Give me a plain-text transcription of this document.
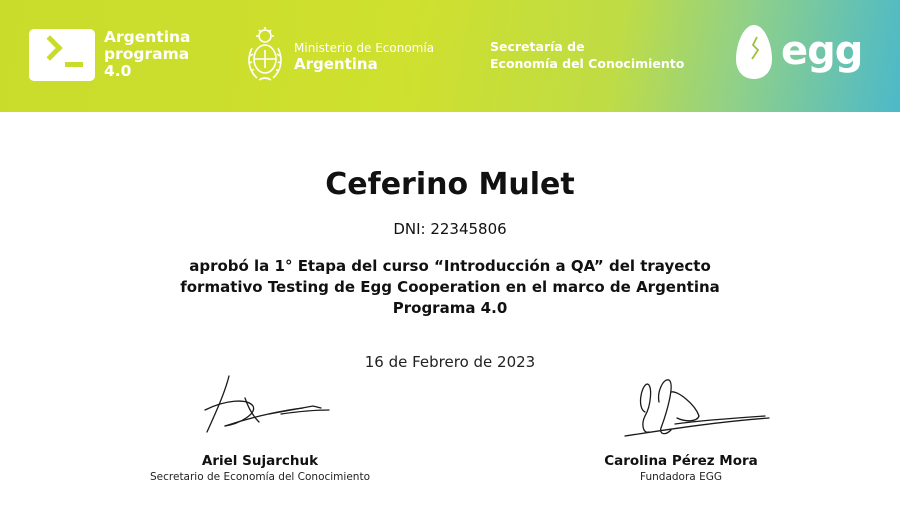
Argentina
programa
4.0
Ministerio de Economía
Argentina
Secretaría de
Economía del Conocimiento egg
Ceferino Mulet
DNI: 22345806
aprobó la 1° Etapa del curso “Introducción a QA” del trayecto formativo Testing de Egg Cooperation en el marco de Argentina Programa 4.0
16 de Febrero de 2023
Ariel Sujarchuk
Secretario de Economía del Conocimiento
Carolina Pérez Mora
Fundadora EGG
